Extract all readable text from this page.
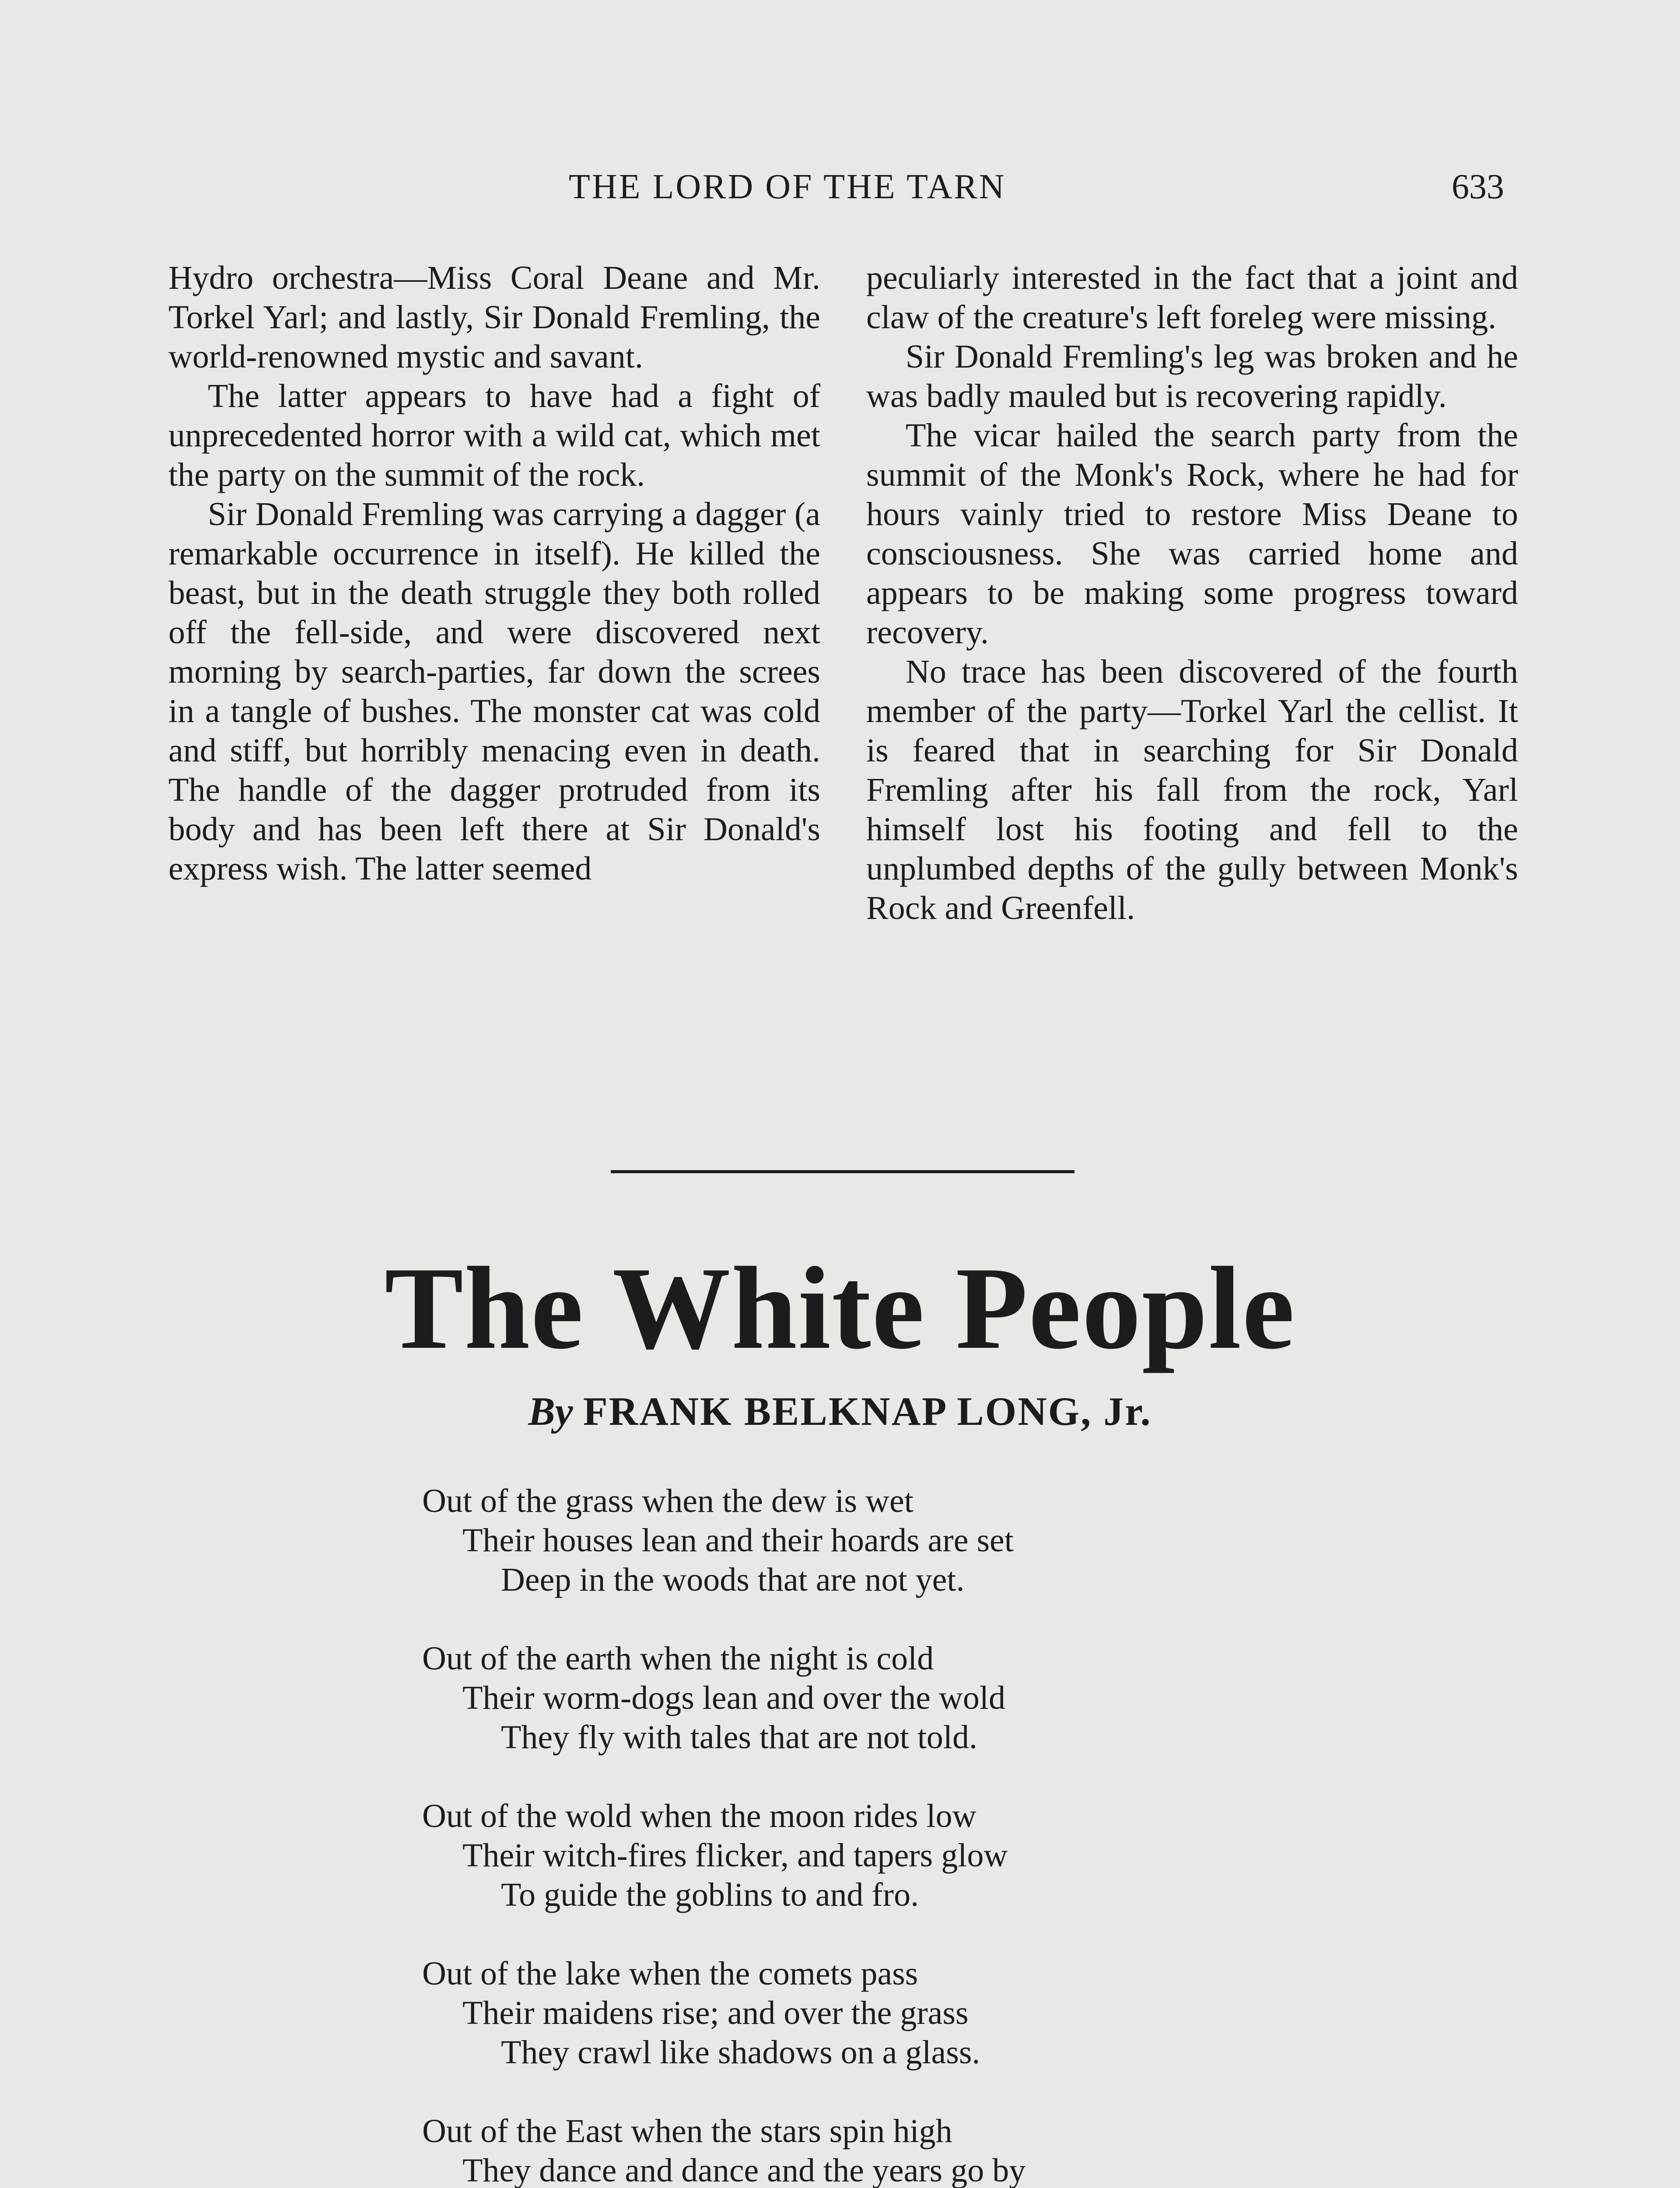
THE LORD OF THE TARN	633

Hydro orchestra—Miss Coral Deane and Mr. Torkel Yarl; and lastly, Sir Donald Fremling, the world-renowned mystic and savant.

The latter appears to have had a fight of unprecedented horror with a wild cat, which met the party on the summit of the rock.

Sir Donald Fremling was carrying a dagger (a remarkable occurrence in itself). He killed the beast, but in the death struggle they both rolled off the fell-side, and were discovered next morning by search-parties, far down the screes in a tangle of bushes. The monster cat was cold and stiff, but horribly menacing even in death. The handle of the dagger protruded from its body and has been left there at Sir Donald's express wish. The latter seemed

peculiarly interested in the fact that a joint and claw of the creature's left foreleg were missing.

Sir Donald Fremling's leg was broken and he was badly mauled but is recovering rapidly.

The vicar hailed the search party from the summit of the Monk's Rock, where he had for hours vainly tried to restore Miss Deane to consciousness. She was carried home and appears to be making some progress toward recovery.

No trace has been discovered of the fourth member of the party—Torkel Yarl the cellist. It is feared that in searching for Sir Donald Fremling after his fall from the rock, Yarl himself lost his footing and fell to the unplumbed depths of the gully between Monk's Rock and Greenfell.

The White People
By FRANK BELKNAP LONG, Jr.
Out of the grass when the dew is wet
Their houses lean and their hoards are set
Deep in the woods that are not yet.
Out of the earth when the night is cold
Their worm-dogs lean and over the wold
They fly with tales that are not told.
Out of the wold when the moon rides low
Their witch-fires flicker, and tapers glow
To guide the goblins to and fro.
Out of the lake when the comets pass
Their maidens rise; and over the grass
They crawl like shadows on a glass.
Out of the East when the stars spin high
They dance and dance and the years go by
